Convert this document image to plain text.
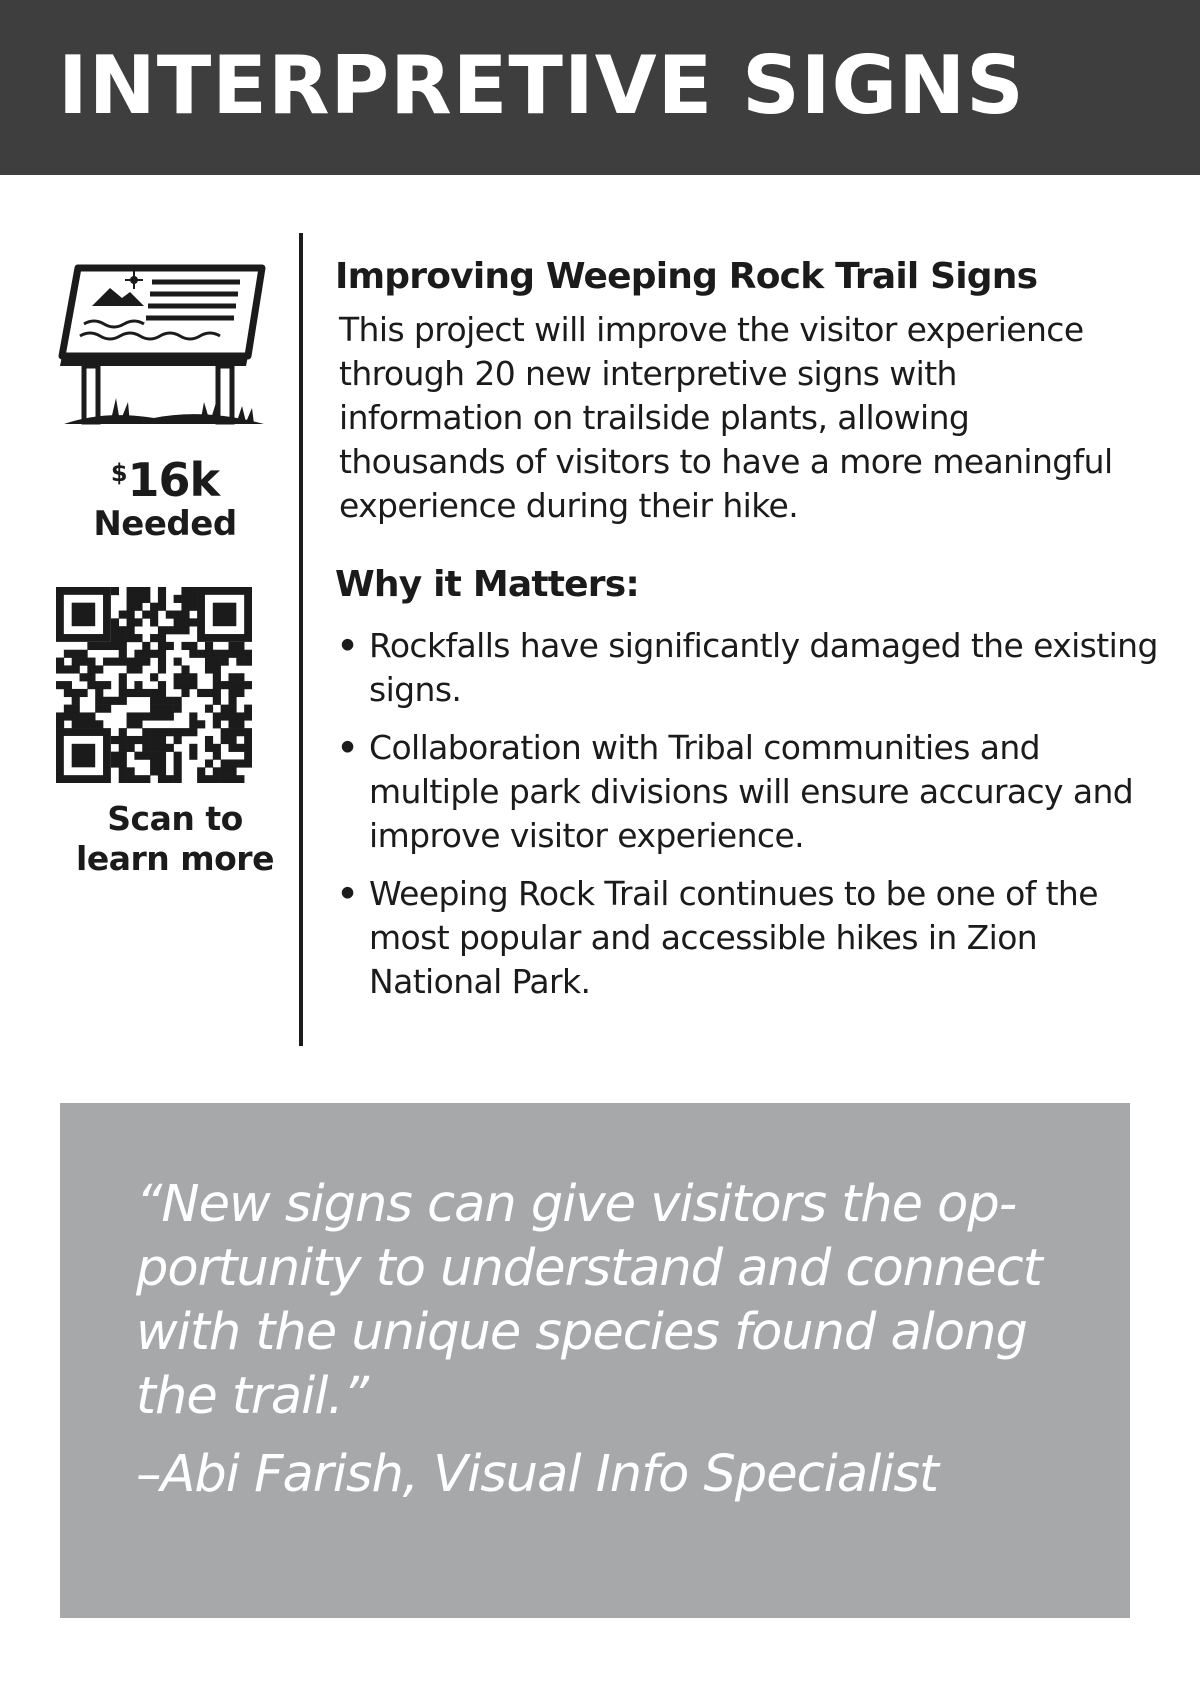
INTERPRETIVE SIGNS
$16k
Needed
Scan to
learn more
Improving Weeping Rock Trail Signs

This project will improve the visitor experience through 20 new interpretive signs with information on trailside plants, allowing thousands of visitors to have a more meaningful experience during their hike.

Why it Matters:
• Rockfalls have significantly damaged the existing signs.
• Collaboration with Tribal communities and multiple park divisions will ensure accuracy and improve visitor experience.
• Weeping Rock Trail continues to be one of the most popular and accessible hikes in Zion National Park.

“New signs can give visitors the op-portunity to understand and connect with the unique species found along the trail.”

–Abi Farish, Visual Info Specialist
